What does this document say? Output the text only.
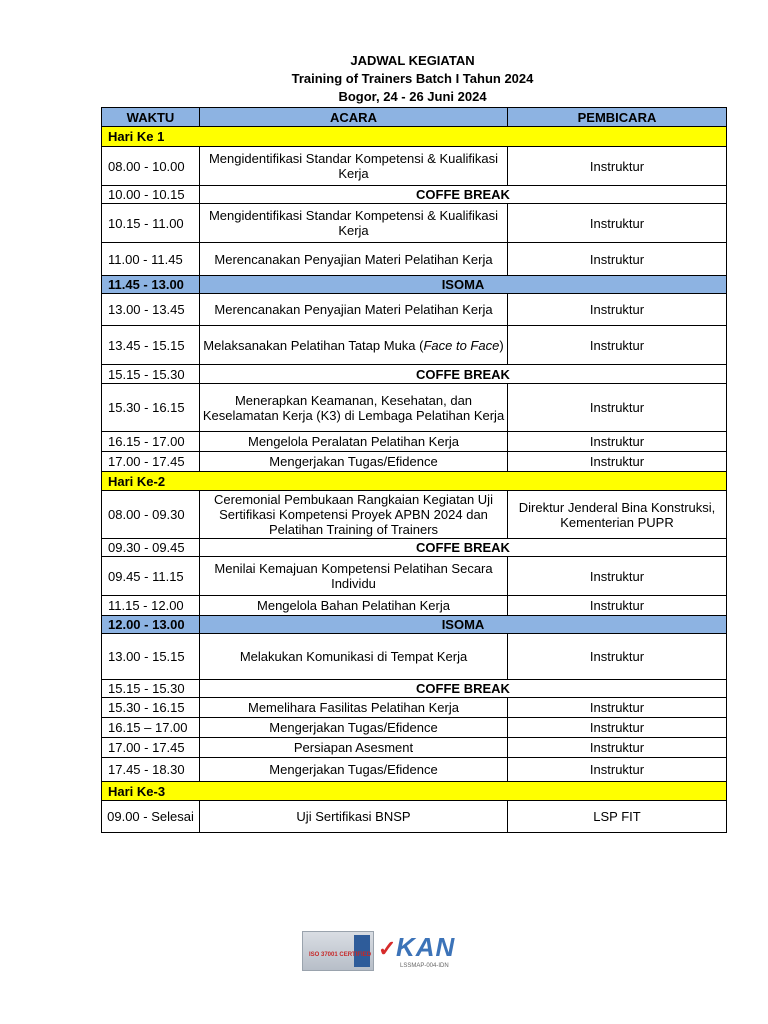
JADWAL KEGIATAN
Training of Trainers Batch I Tahun 2024
Bogor, 24 - 26 Juni 2024
WAKTU	ACARA	PEMBICARA
Hari Ke 1		
08.00 - 10.00	Mengidentifikasi Standar Kompetensi & Kualifikasi Kerja	Instruktur
10.00 - 10.15	COFFE BREAK	
10.15 - 11.00	Mengidentifikasi Standar Kompetensi & Kualifikasi Kerja	Instruktur
11.00 - 11.45	Merencanakan Penyajian Materi Pelatihan Kerja	Instruktur
11.45 - 13.00	ISOMA	
13.00 - 13.45	Merencanakan Penyajian Materi Pelatihan Kerja	Instruktur
13.45 - 15.15	Melaksanakan Pelatihan Tatap Muka (Face to Face)	Instruktur
15.15 - 15.30	COFFE BREAK	
15.30 - 16.15	Menerapkan Keamanan, Kesehatan, dan Keselamatan Kerja (K3) di Lembaga Pelatihan Kerja	Instruktur
16.15 - 17.00	Mengelola Peralatan Pelatihan Kerja	Instruktur
17.00 - 17.45	Mengerjakan Tugas/Efidence	Instruktur
Hari Ke-2		
08.00 - 09.30	Ceremonial Pembukaan Rangkaian Kegiatan Uji Sertifikasi Kompetensi Proyek APBN 2024 dan Pelatihan Training of Trainers	Direktur Jenderal Bina Konstruksi, Kementerian PUPR
09.30 - 09.45	COFFE BREAK	
09.45 - 11.15	Menilai Kemajuan Kompetensi Pelatihan Secara Individu	Instruktur
11.15 - 12.00	Mengelola Bahan Pelatihan Kerja	Instruktur
12.00 - 13.00	ISOMA	
13.00 - 15.15	Melakukan Komunikasi di Tempat Kerja	Instruktur
15.15 - 15.30	COFFE BREAK	
15.30 - 16.15	Memelihara Fasilitas Pelatihan Kerja	Instruktur
16.15 – 17.00	Mengerjakan Tugas/Efidence	Instruktur
17.00 - 17.45	Persiapan Asesment	Instruktur
17.45 - 18.30	Mengerjakan Tugas/Efidence	Instruktur
Hari Ke-3		
09.00 - Selesai	Uji Sertifikasi BNSP	LSP FIT
ISO 37001 CERTIFIED ✓ KAN
LSSMAP-004-IDN
